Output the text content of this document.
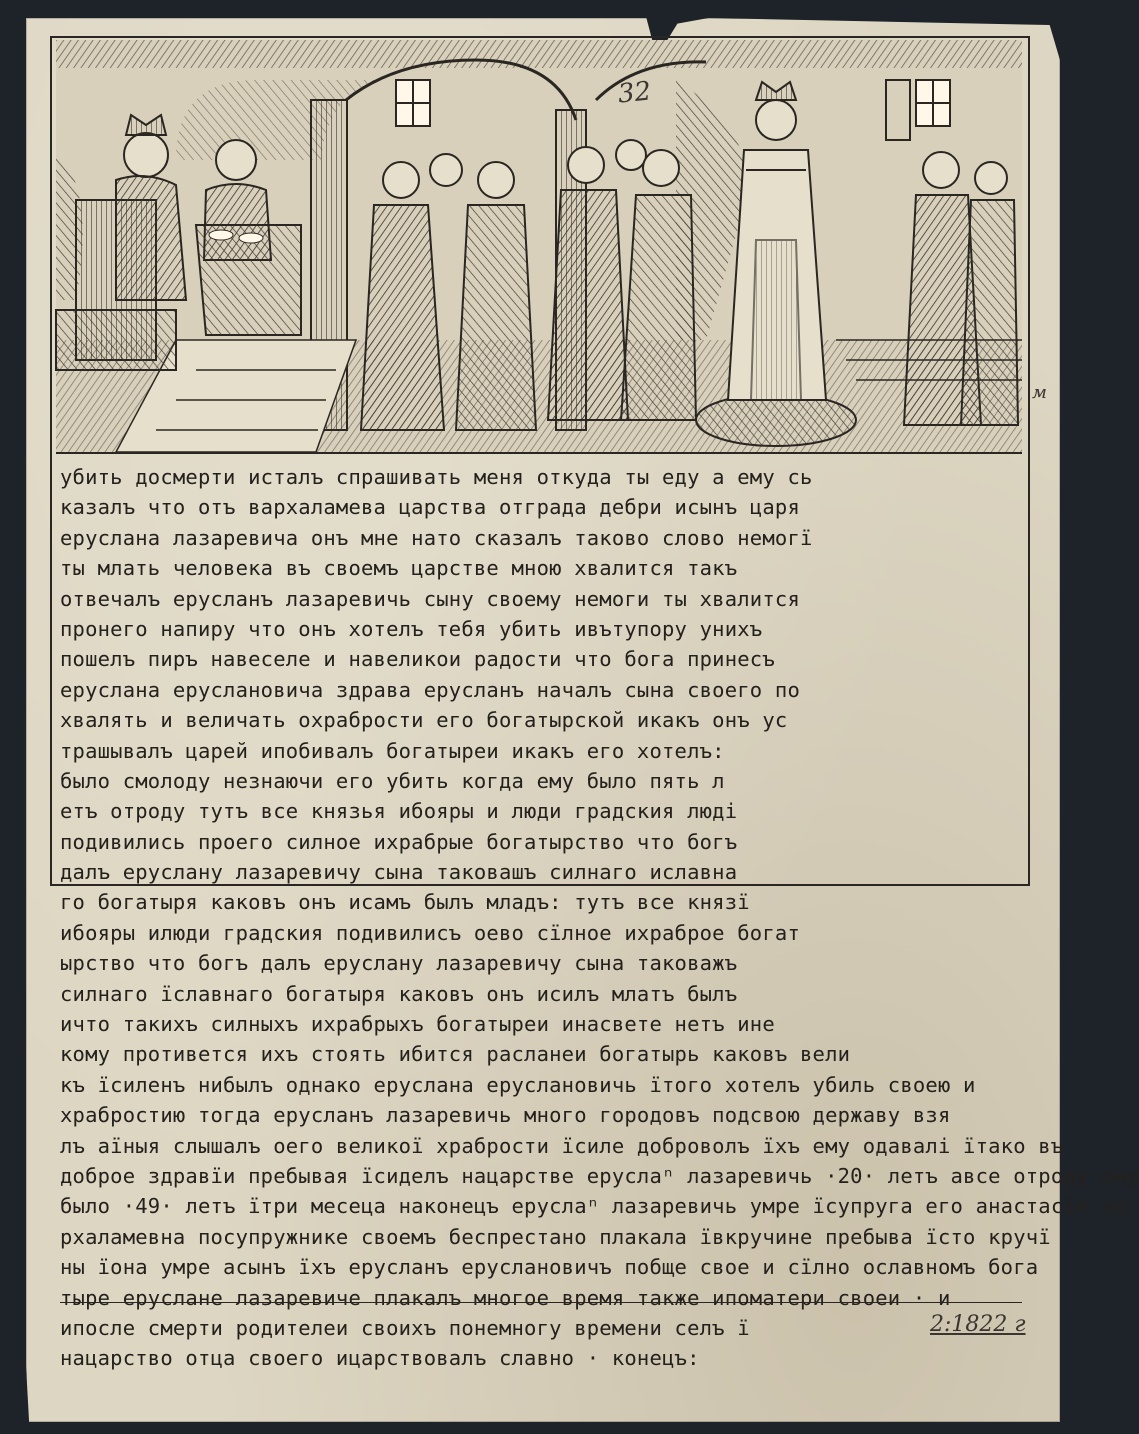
32
м
убить досмерти исталъ спрашивать меня откуда ты еду а ему сь
казалъ что отъ вархаламева царства отграда дебри исынъ царя
еруслана лазаревича онъ мне нато сказалъ таково слово немогї
ты млать человека въ своемъ царстве мною хвалится такъ
отвечалъ ерусланъ лазаревичь сыну своему немоги ты хвалится
пронего напиру что онъ хотелъ тебя убить ивътупору унихъ
пошелъ пиръ навеселе и навеликои радости что бога принесъ
еруслана еруслановича здрава ерусланъ началъ сына своего по
хвалять и величать охрабрости его богатырской икакъ онъ ус
трашывалъ царей ипобивалъ богатыреи икакъ его хотелъ:
было смолоду незнаючи его убить когда ему было пять л
етъ отроду тутъ все князья ибояры и люди градския люді
подивились проего силное ихрабрые богатырство что богъ
далъ еруслану лазаревичу сына таковашъ силнаго иславна
го богатыря каковъ онъ исамъ былъ младъ: тутъ все князї
ибояры илюди градския подивилисъ оево сїлное ихраброе богат
ырство что богъ далъ еруслану лазаревичу сына таковажъ
силнаго ïславнаго богатыря каковъ онъ исилъ млатъ былъ
ичто такихъ силныхъ ихрабрыхъ богатыреи инасвете нетъ ине
кому противется ихъ стоять ибится расланеи богатырь каковъ вели
къ ïсиленъ нибылъ однако еруслана еруслановичь їтого хотелъ убиль своею и
храбростию тогда ерусланъ лазаревичь много городовъ подсвою державу взя
лъ аїныя слышалъ оего великої храбрости їсиле доброволъ їхъ ему одавалі їтако въ
доброе здравїи пребывая їсиделъ нацарстве еруслаⁿ лазаревичь ·20· летъ авсе отроду ему
было ·49· летъ їтри месеца наконецъ еруслаⁿ лазаревичь умре їсупруга его анастасїя во
рхаламевна посупружнике своемъ беспрестано плакала ївкручине пребыва їсто кручї
ны їона умре асынъ їхъ ерусланъ еруслановичъ побще свое и сїлно ославномъ бога
тыре еруслане лазаревиче плакалъ многое время также ипоматери своеи · и
ипосле смерти родителеи своихъ понемногу времени селъ ї
нацарство отца своего ицарствовалъ славно · конецъ:
2:1822 г
